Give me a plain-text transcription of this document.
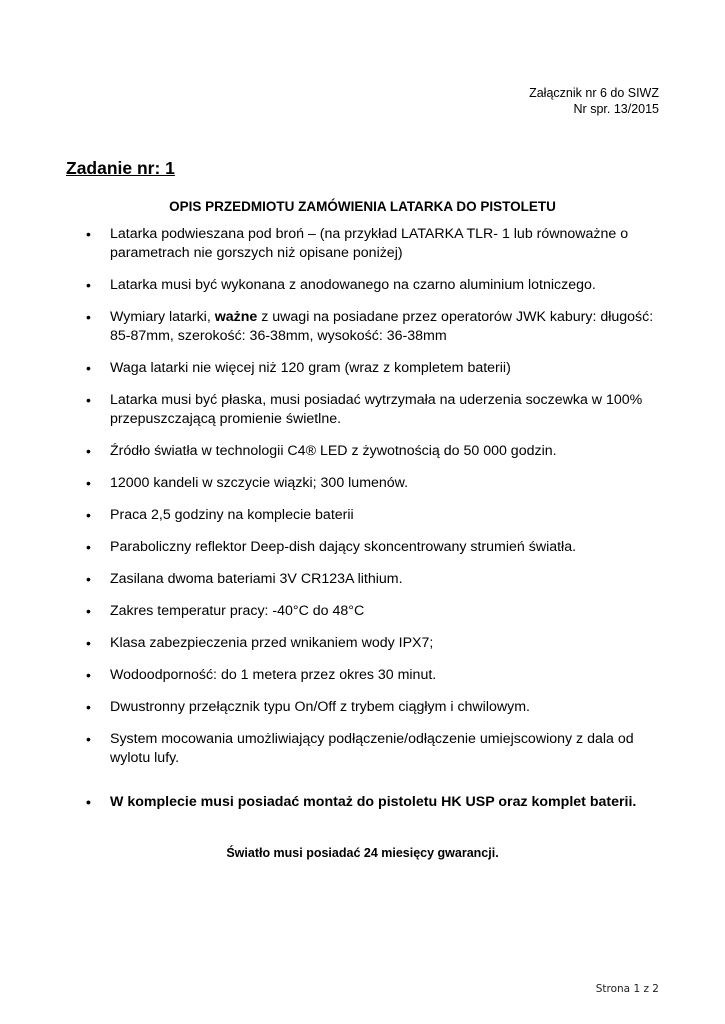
Załącznik nr 6 do SIWZ
Nr spr. 13/2015
Zadanie nr: 1
OPIS PRZEDMIOTU ZAMÓWIENIA LATARKA DO PISTOLETU
• Latarka podwieszana pod broń – (na przykład LATARKA TLR- 1 lub równoważne o parametrach nie gorszych niż opisane poniżej)
• Latarka musi być wykonana z anodowanego na czarno aluminium lotniczego.
• Wymiary latarki, ważne z uwagi na posiadane przez operatorów JWK kabury: długość: 85-87mm, szerokość: 36-38mm, wysokość: 36-38mm
• Waga latarki nie więcej niż 120 gram (wraz z kompletem baterii)
• Latarka musi być płaska, musi posiadać wytrzymała na uderzenia soczewka w 100% przepuszczającą promienie świetlne.
• Źródło światła w technologii C4® LED z żywotnością do 50 000 godzin.
• 12000 kandeli w szczycie wiązki; 300 lumenów.
• Praca 2,5 godziny na komplecie baterii
• Paraboliczny reflektor Deep-dish dający skoncentrowany strumień światła.
• Zasilana dwoma bateriami 3V CR123A lithium.
• Zakres temperatur pracy: -40°C do 48°C
• Klasa zabezpieczenia przed wnikaniem wody IPX7;
• Wodoodporność: do 1 metera przez okres 30 minut.
• Dwustronny przełącznik typu On/Off z trybem ciągłym i chwilowym.
• System mocowania umożliwiający podłączenie/odłączenie umiejscowiony z dala od wylotu lufy.
• W komplecie musi posiadać montaż do pistoletu HK USP oraz komplet baterii.
Światło musi posiadać 24 miesięcy gwarancji.
Strona 1 z 2
